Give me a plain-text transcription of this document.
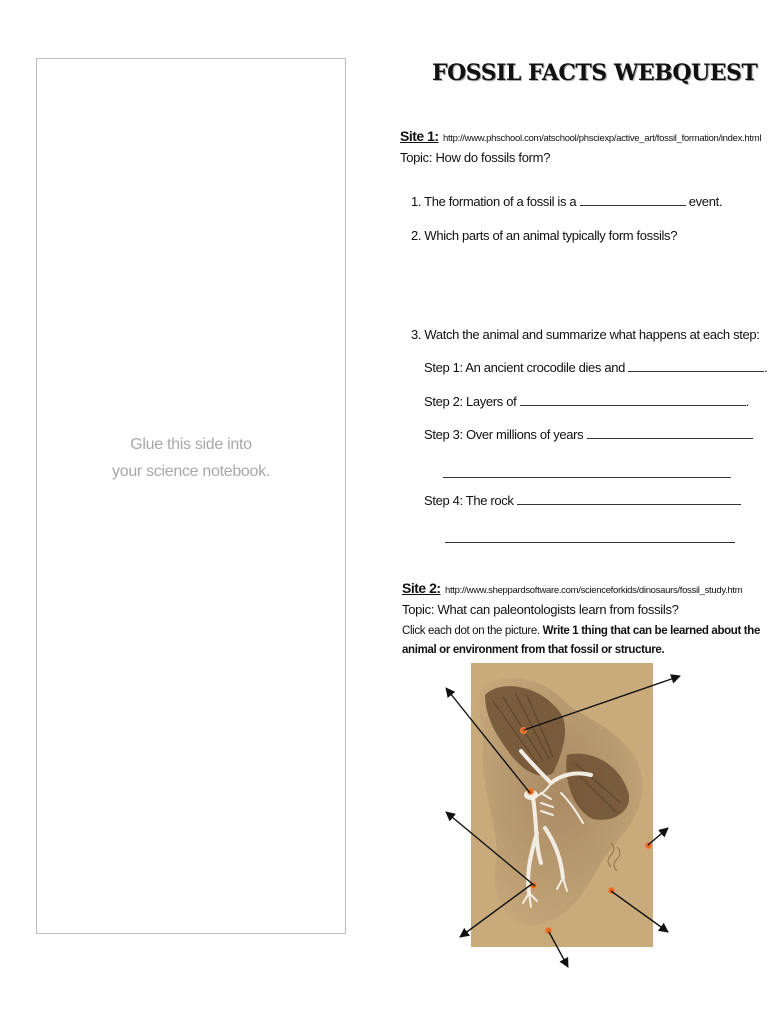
Glue this side into
your science notebook.
FOSSIL FACTS WEBQUEST
Site 1: http://www.phschool.com/atschool/phsciexp/active_art/fossil_formation/index.html
Topic: How do fossils form?
1. The formation of a fossil is a	event.
2. Which parts of an animal typically form fossils?
3. Watch the animal and summarize what happens at each step:
Step 1: An ancient crocodile dies and	.
Step 2: Layers of	.
Step 3: Over millions of years
Step 4: The rock
Site 2: http://www.sheppardsoftware.com/scienceforkids/dinosaurs/fossil_study.htm
Topic: What can paleontologists learn from fossils?
Click each dot on the picture. Write 1 thing that can be learned about the
animal or environment from that fossil or structure.
